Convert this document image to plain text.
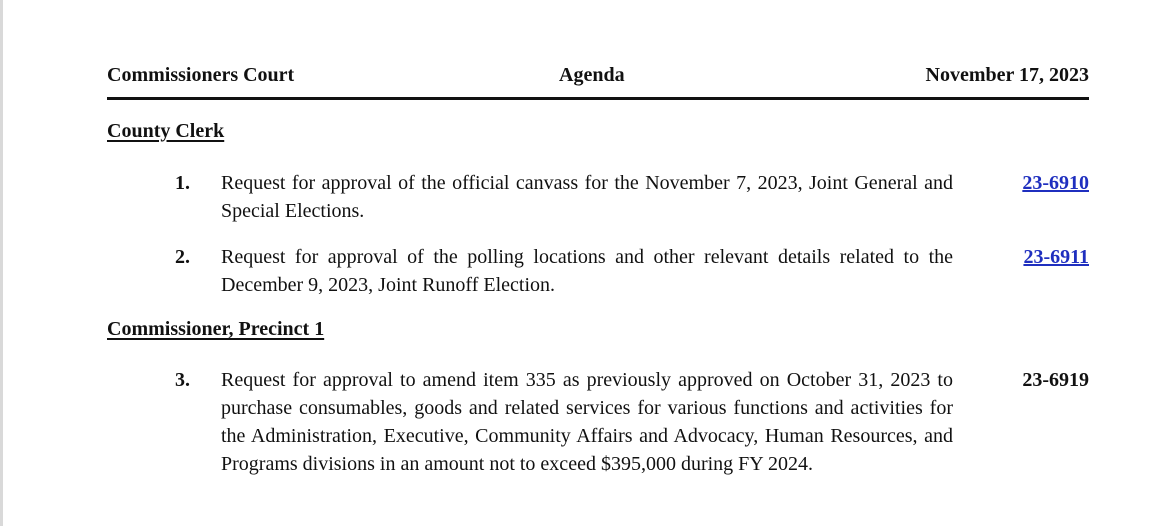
Commissioners Court	Agenda	November 17, 2023
County Clerk
1. Request for approval of the official canvass for the November 7, 2023, Joint General and Special Elections.
23-6910
2. Request for approval of the polling locations and other relevant details related to the December 9, 2023, Joint Runoff Election.
23-6911
Commissioner, Precinct 1
3. Request for approval to amend item 335 as previously approved on October 31, 2023 to purchase consumables, goods and related services for various functions and activities for the Administration, Executive, Community Affairs and Advocacy, Human Resources, and Programs divisions in an amount not to exceed $395,000 during FY 2024.
23-6919
